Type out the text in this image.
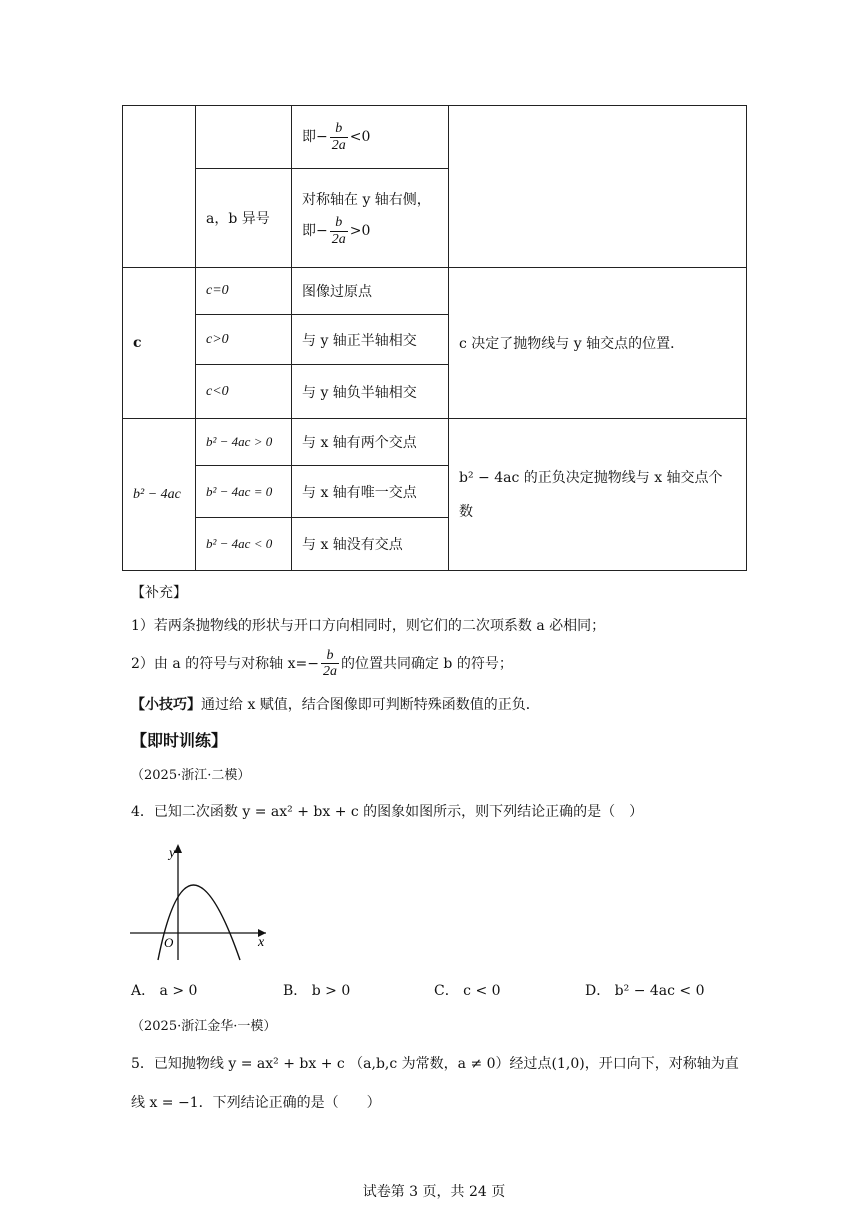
		即− $\frac{b}{2a} <0$	
	a，b 异号	对称轴在 y 轴右侧，
即− $\frac{b}{2a} >0$	
c	c=0	图像过原点	c 决定了抛物线与 y 轴交点的位置．
	c>0	与 y 轴正半轴相交	
	c<0	与 y 轴负半轴相交	
b² − 4ac	b² − 4ac > 0	与 x 轴有两个交点	b² − 4ac 的正负决定抛物线与 x 轴交点个数
	b² − 4ac = 0	与 x 轴有唯一交点	
	b² − 4ac < 0	与 x 轴没有交点	
【补充】
1）若两条抛物线的形状与开口方向相同时，则它们的二次项系数 a 必相同；
2）由 a 的符号与对称轴 $x=- \frac{b}{2a}$ 的位置共同确定 b 的符号；
【小技巧】通过给 x 赋值，结合图像即可判断特殊函数值的正负．
【即时训练】
（2025·浙江·二模）
4．已知二次函数 y = ax² + bx + c 的图象如图所示，则下列结论正确的是（　）
y
x
O
A． a > 0	B． b > 0	C． c < 0	D． b² − 4ac < 0
（2025·浙江金华·一模）
5．已知抛物线 y = ax² + bx + c （a,b,c 为常数，a ≠ 0）经过点(1,0)，开口向下，对称轴为直
线 x = −1．下列结论正确的是（　　）
试卷第 3 页，共 24 页
